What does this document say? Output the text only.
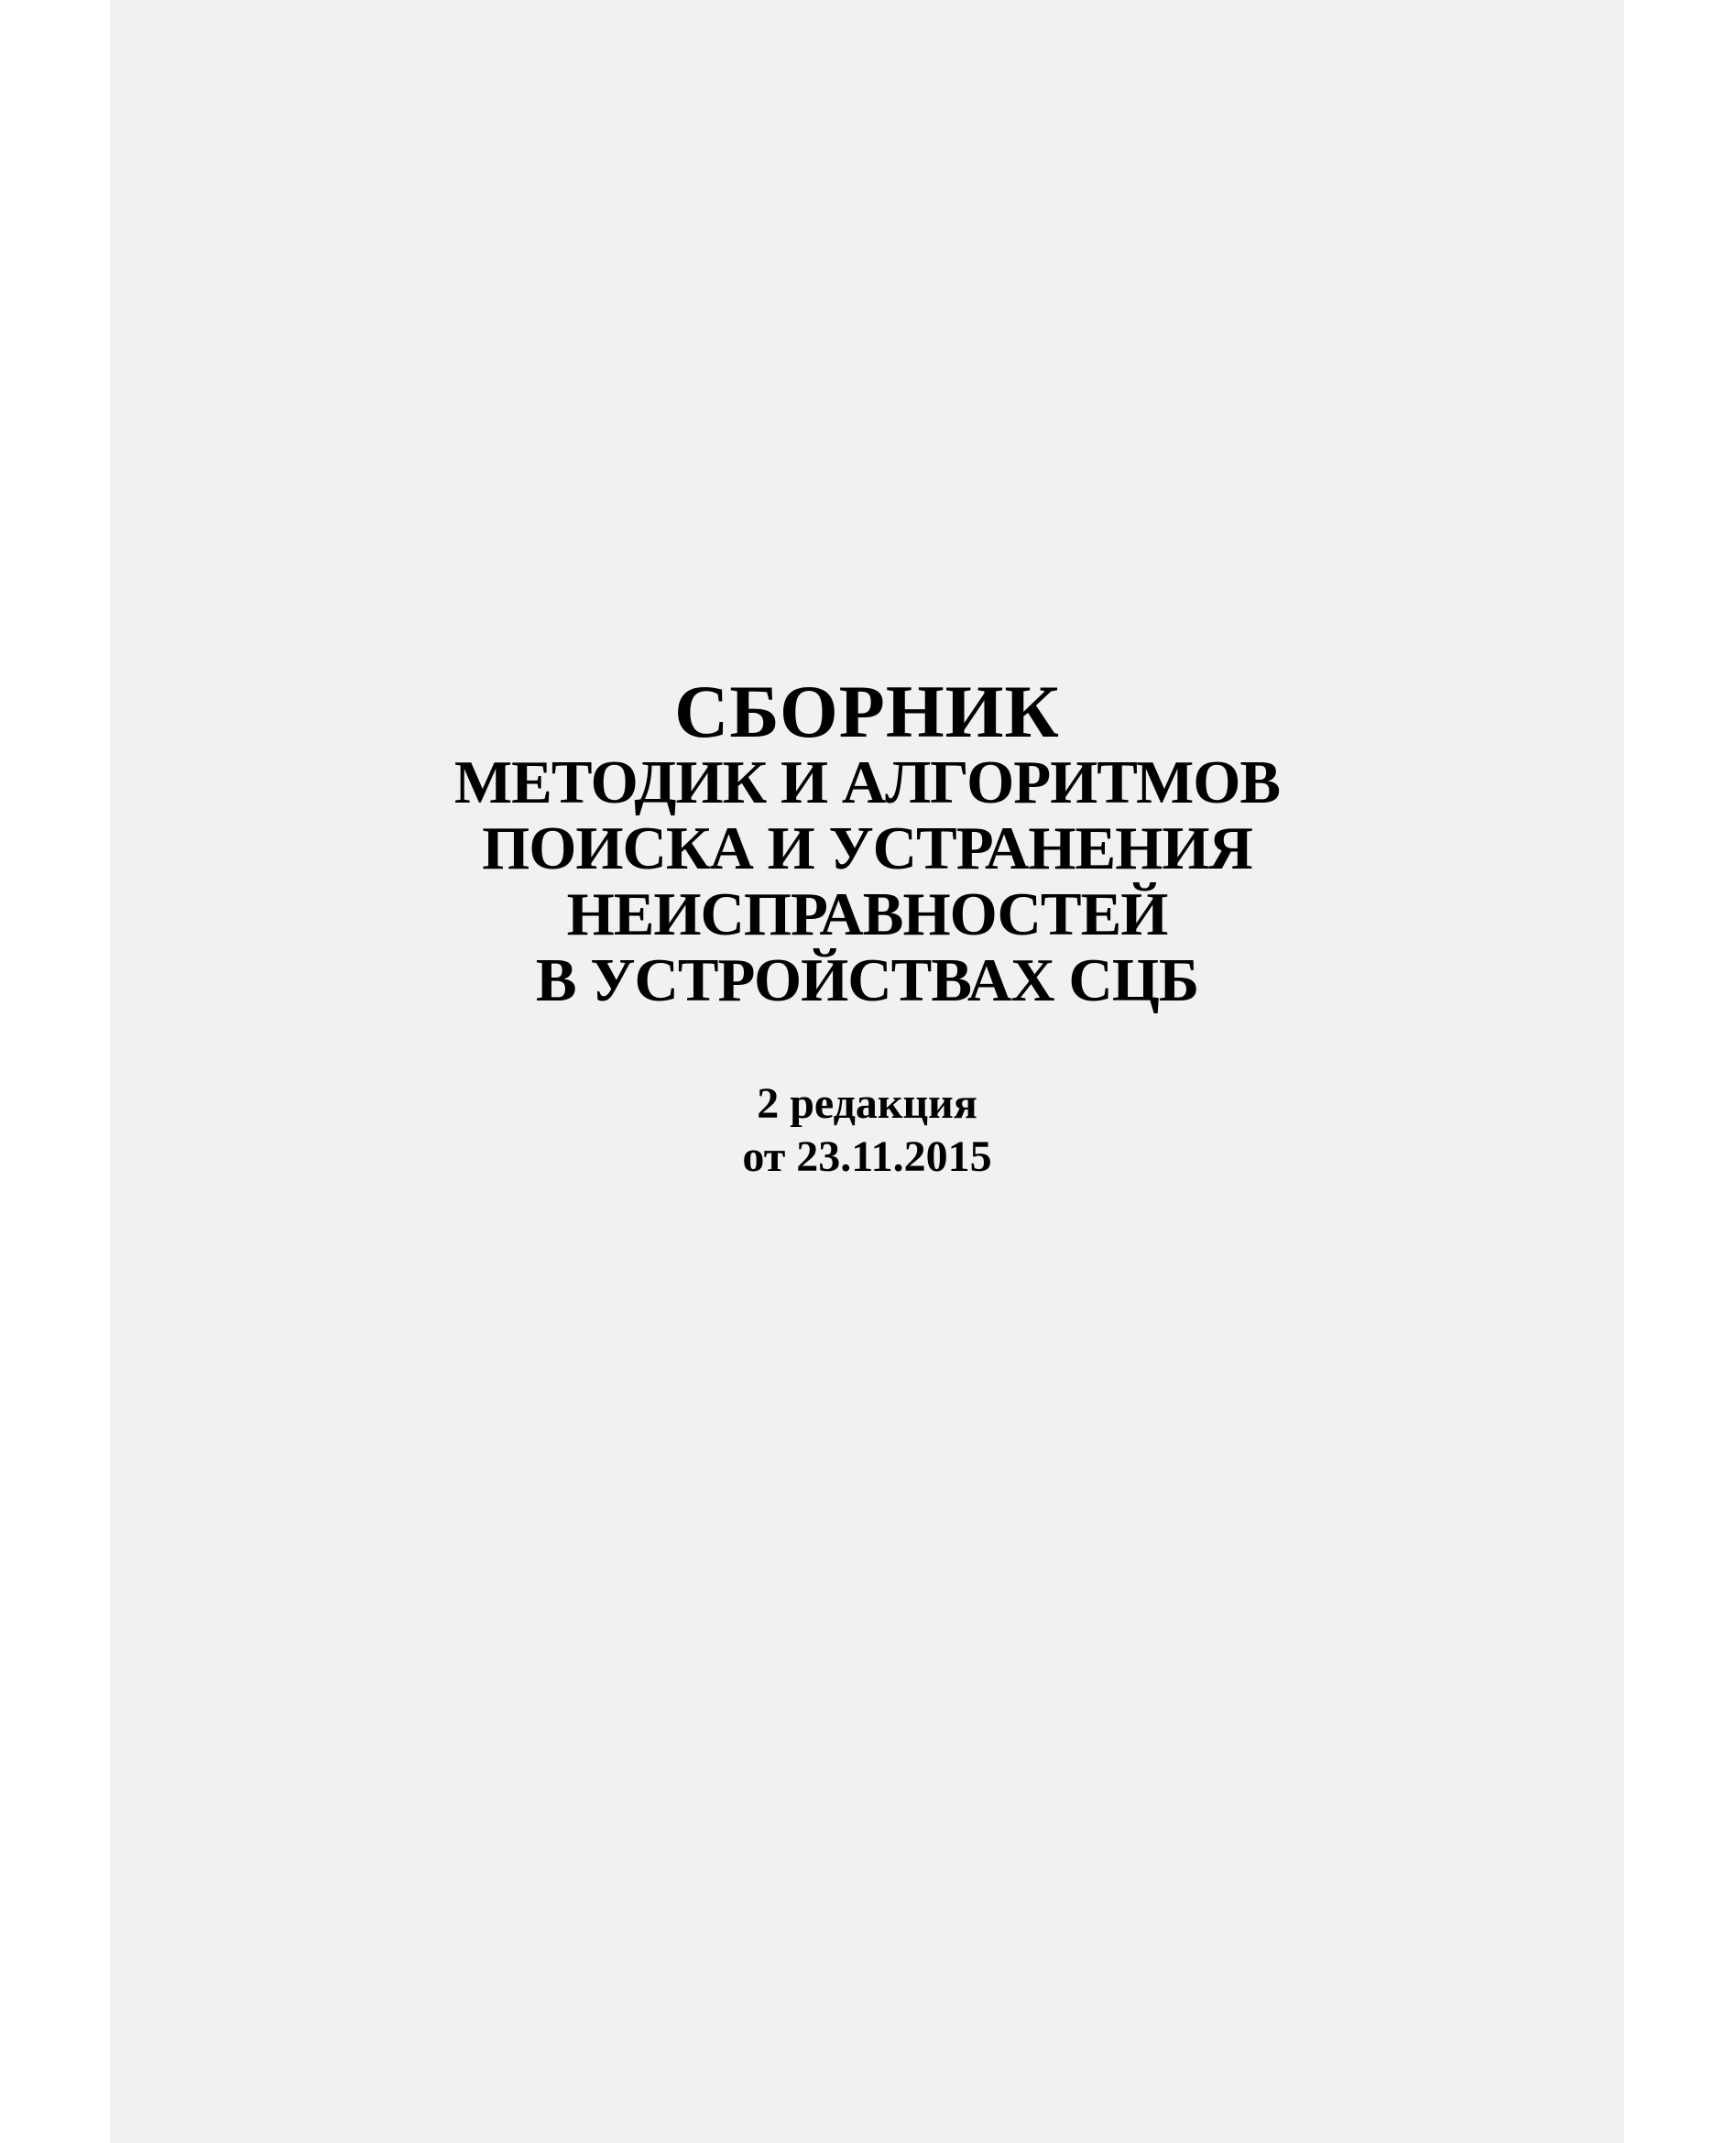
СБОРНИК
МЕТОДИК И АЛГОРИТМОВ
ПОИСКА И УСТРАНЕНИЯ
НЕИСПРАВНОСТЕЙ
В УСТРОЙСТВАХ СЦБ
2 редакция
от 23.11.2015
